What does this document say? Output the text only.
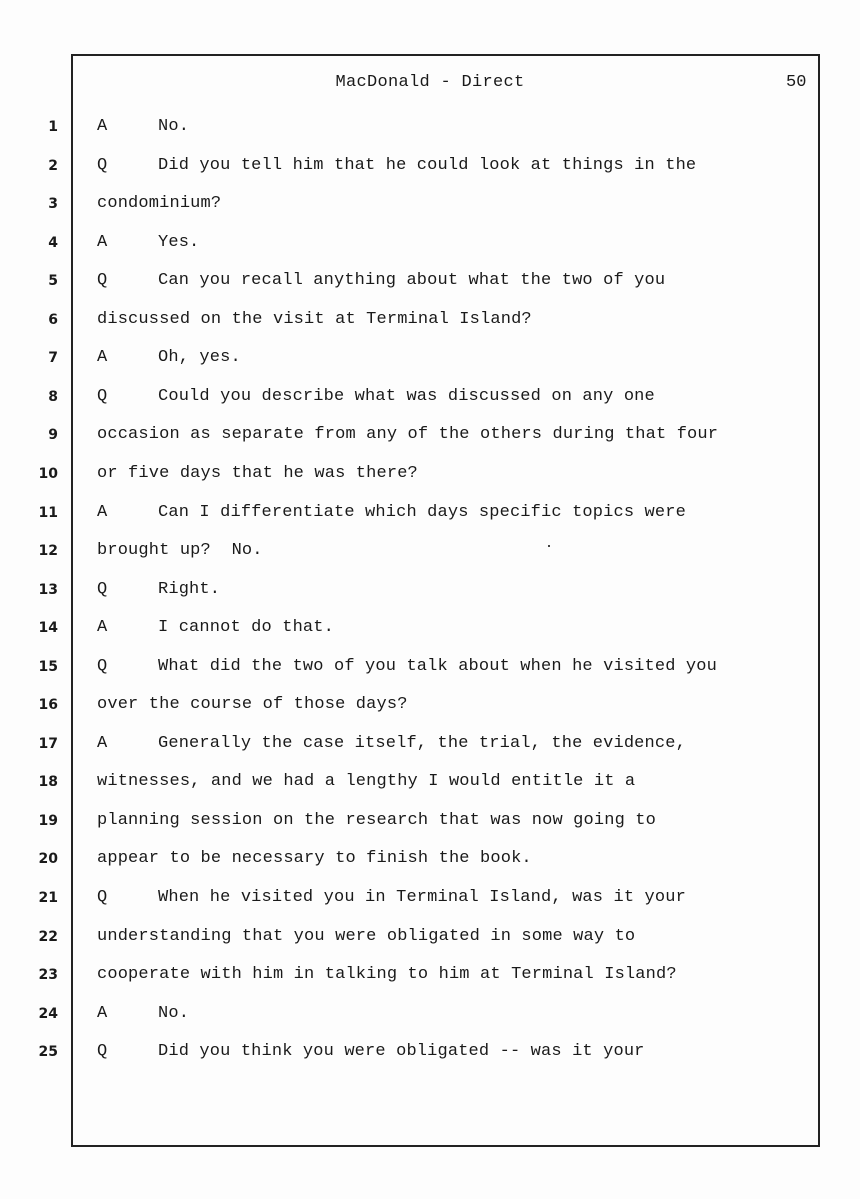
MacDonald - Direct	50
1 A	No.
2 Q	Did you tell him that he could look at things in the
3 condominium?
4 A	Yes.
5 Q	Can you recall anything about what the two of you
6 discussed on the visit at Terminal Island?
7 A	Oh, yes.
8 Q	Could you describe what was discussed on any one
9 occasion as separate from any of the others during that four
10 or five days that he was there?
11 A	Can I differentiate which days specific topics were
12 brought up?  No.
13 Q	Right.
14 A	I cannot do that.
15 Q	What did the two of you talk about when he visited you
16 over the course of those days?
17 A	Generally the case itself, the trial, the evidence,
18 witnesses, and we had a lengthy I would entitle it a
19 planning session on the research that was now going to
20 appear to be necessary to finish the book.
21 Q	When he visited you in Terminal Island, was it your
22 understanding that you were obligated in some way to
23 cooperate with him in talking to him at Terminal Island?
24 A	No.
25 Q	Did you think you were obligated -- was it your
